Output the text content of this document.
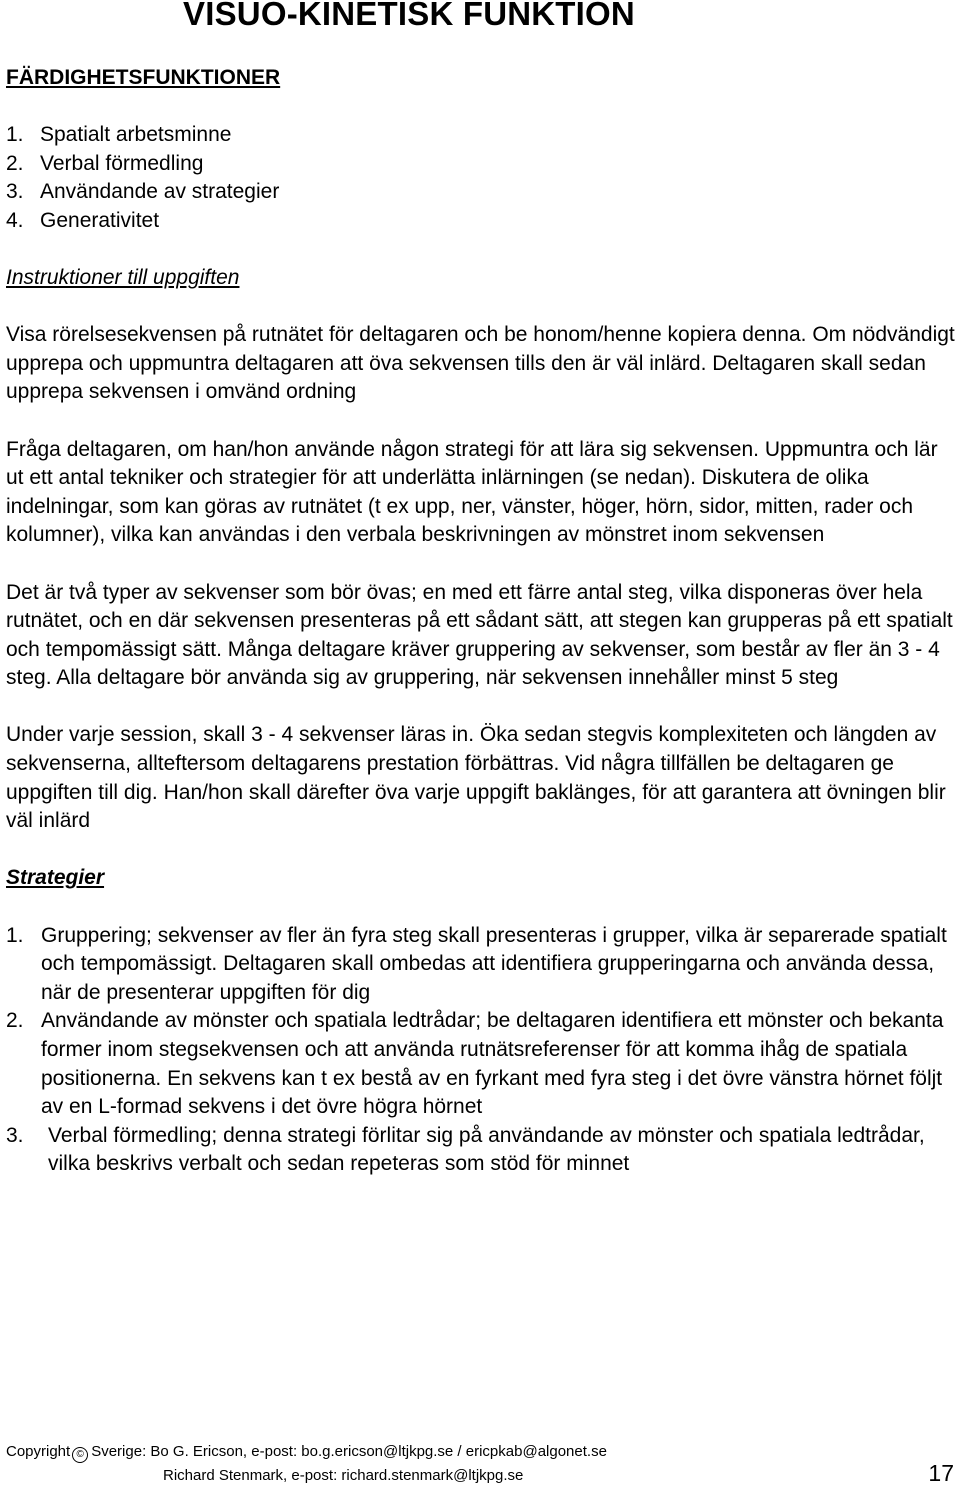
VISUO-KINETISK FUNKTION
FÄRDIGHETSFUNKTIONER
1. Spatialt arbetsminne
2. Verbal förmedling
3. Användande av strategier
4. Generativitet

Instruktioner till uppgiften

Visa rörelsesekvensen på rutnätet för deltagaren och be honom/henne kopiera denna. Om nödvändigt upprepa och uppmuntra deltagaren att öva sekvensen tills den är väl inlärd. Deltagaren skall sedan upprepa sekvensen i omvänd ordning

Fråga deltagaren, om han/hon använde någon strategi för att lära sig sekvensen. Uppmuntra och lär ut ett antal tekniker och strategier för att underlätta inlärningen (se nedan). Diskutera de olika indelningar, som kan göras av rutnätet (t ex upp, ner, vänster, höger, hörn, sidor, mitten, rader och kolumner), vilka kan användas i den verbala beskrivningen av mönstret inom sekvensen

Det är två typer av sekvenser som bör övas; en med ett färre antal steg, vilka disponeras över hela rutnätet, och en där sekvensen presenteras på ett sådant sätt, att stegen kan grupperas på ett spatialt och tempomässigt sätt. Många deltagare kräver gruppering av sekvenser, som består av fler än 3 - 4 steg. Alla deltagare bör använda sig av gruppering, när sekvensen innehåller minst 5 steg

Under varje session, skall 3 - 4 sekvenser läras in. Öka sedan stegvis komplexiteten och längden av sekvenserna, allteftersom deltagarens prestation förbättras. Vid några tillfällen be deltagaren ge uppgiften till dig. Han/hon skall därefter öva varje uppgift baklänges, för att garantera att övningen blir väl inlärd

Strategier

1. Gruppering; sekvenser av fler än fyra steg skall presenteras i grupper, vilka är separerade spatialt och tempomässigt. Deltagaren skall ombedas att identifiera grupperingarna och använda dessa, när de presenterar uppgiften för dig
2. Användande av mönster och spatiala ledtrådar; be deltagaren identifiera ett mönster och bekanta former inom stegsekvensen och att använda rutnätsreferenser för att komma ihåg de spatiala positionerna. En sekvens kan t ex bestå av en fyrkant med fyra steg i det övre vänstra hörnet följt av en L-formad sekvens i det övre högra hörnet
3. Verbal förmedling; denna strategi förlitar sig på användande av mönster och spatiala ledtrådar, vilka beskrivs verbalt och sedan repeteras som stöd för minnet
Copyright © Sverige: Bo G. Ericson, e-post: bo.g.ericson@ltjkpg.se / ericpkab@algonet.se
Richard Stenmark, e-post: richard.stenmark@ltjkpg.se	17
